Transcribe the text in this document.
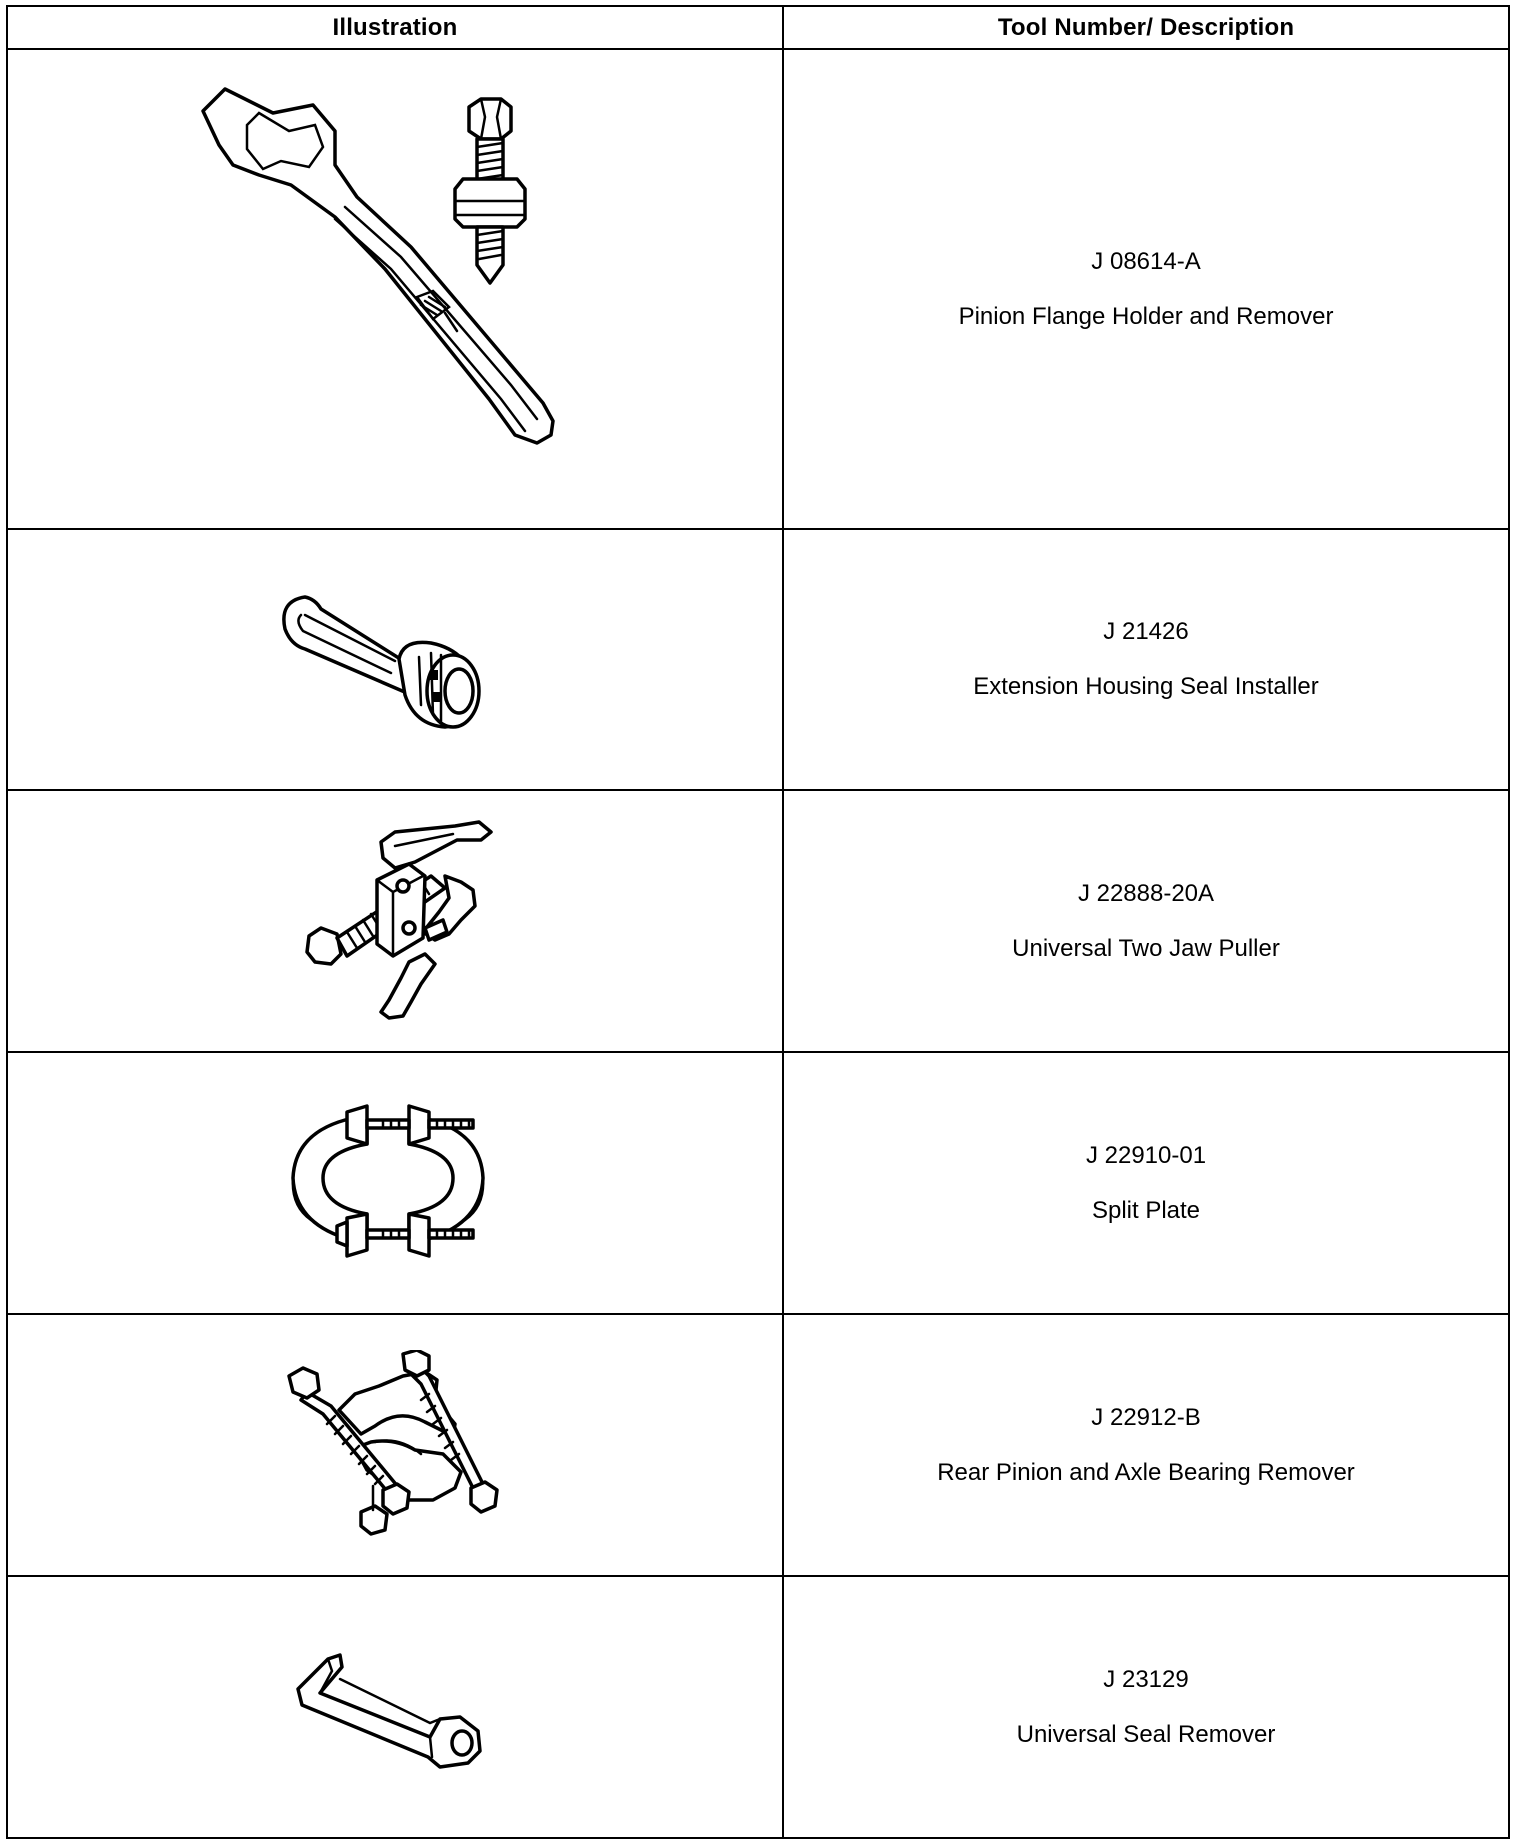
Illustration	Tool Number/ Description

J 08614-A
Pinion Flange Holder and Remover

J 21426
Extension Housing Seal Installer

J 22888-20A
Universal Two Jaw Puller

J 22910-01
Split Plate

J 22912-B
Rear Pinion and Axle Bearing Remover

J 23129
Universal Seal Remover
